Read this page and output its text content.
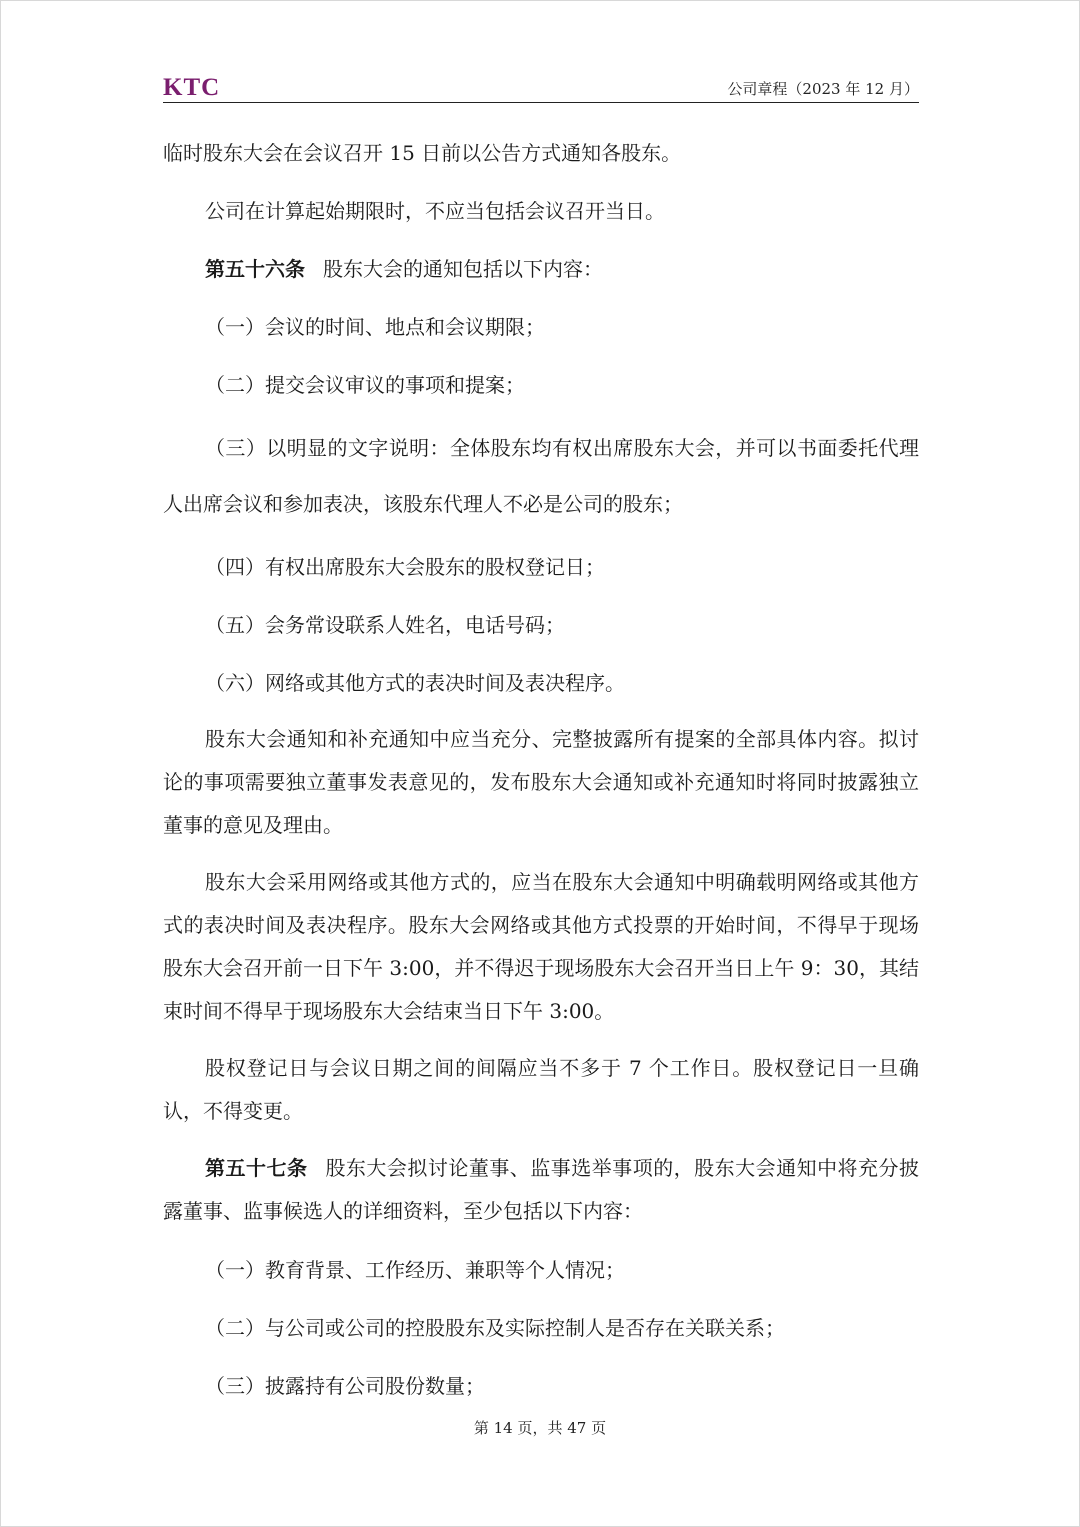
KTC	公司章程（2023 年 12 月）

临时股东大会在会议召开 15 日前以公告方式通知各股东。

公司在计算起始期限时，不应当包括会议召开当日。

第五十六条 股东大会的通知包括以下内容：

（一）会议的时间、地点和会议期限；

（二）提交会议审议的事项和提案；

（三）以明显的文字说明：全体股东均有权出席股东大会，并可以书面委托代理人出席会议和参加表决，该股东代理人不必是公司的股东；

（四）有权出席股东大会股东的股权登记日；

（五）会务常设联系人姓名，电话号码；

（六）网络或其他方式的表决时间及表决程序。

股东大会通知和补充通知中应当充分、完整披露所有提案的全部具体内容。拟讨论的事项需要独立董事发表意见的，发布股东大会通知或补充通知时将同时披露独立董事的意见及理由。

股东大会采用网络或其他方式的，应当在股东大会通知中明确载明网络或其他方式的表决时间及表决程序。股东大会网络或其他方式投票的开始时间，不得早于现场股东大会召开前一日下午 3:00，并不得迟于现场股东大会召开当日上午 9：30，其结束时间不得早于现场股东大会结束当日下午 3:00。

股权登记日与会议日期之间的间隔应当不多于 7 个工作日。股权登记日一旦确认，不得变更。

第五十七条 股东大会拟讨论董事、监事选举事项的，股东大会通知中将充分披露董事、监事候选人的详细资料，至少包括以下内容：

（一）教育背景、工作经历、兼职等个人情况；

（二）与公司或公司的控股股东及实际控制人是否存在关联关系；

（三）披露持有公司股份数量；

第 14 页，共 47 页
